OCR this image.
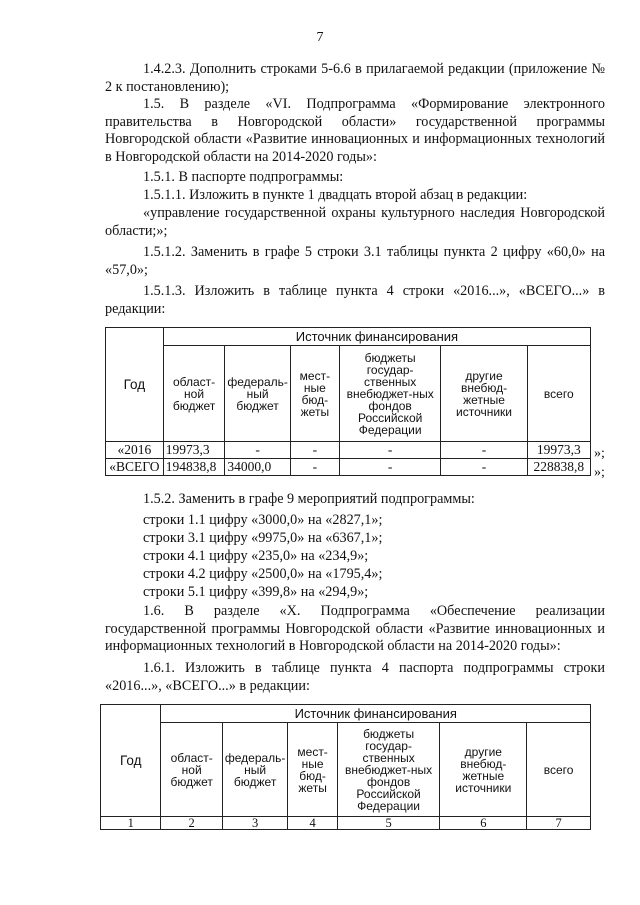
7

1.4.2.3. Дополнить строками 5-6.6 в прилагаемой редакции (приложение № 2 к постановлению);

1.5. В разделе «VI. Подпрограмма «Формирование электронного правительства в Новгородской области» государственной программы Новгородской области «Развитие инновационных и информационных технологий в Новгородской области на 2014-2020 годы»:

1.5.1. В паспорте подпрограммы:

1.5.1.1. Изложить в пункте 1 двадцать второй абзац в редакции:

«управление государственной охраны культурного наследия Новгородской области;»;

1.5.1.2. Заменить в графе 5 строки 3.1 таблицы пункта 2 цифру «60,0» на «57,0»;

1.5.1.3. Изложить в таблице пункта 4 строки «2016...», «ВСЕГО...» в редакции:

Год	Источник финансирования					
	област-ной бюджет	федераль-ный бюджет	мест-ные бюд-жеты	бюджеты государ-ственных внебюджет-ных фондов Российской Федерации	другие внебюд-жетные источники	всего
«2016	19973,3	-	-	-	-	19973,3
«ВСЕГО	194838,8	34000,0	-	-	-	228838,8
»;
»;
1.5.2. Заменить в графе 9 мероприятий подпрограммы:
строки 1.1 цифру «3000,0» на «2827,1»;
строки 3.1 цифру «9975,0» на «6367,1»;
строки 4.1 цифру «235,0» на «234,9»;
строки 4.2 цифру «2500,0» на «1795,4»;
строки 5.1 цифру «399,8» на «294,9»;

1.6. В разделе «X. Подпрограмма «Обеспечение реализации государственной программы Новгородской области «Развитие инновационных и информационных технологий в Новгородской области на 2014-2020 годы»:

1.6.1. Изложить в таблице пункта 4 паспорта подпрограммы строки «2016...», «ВСЕГО...» в редакции:

Год	Источник финансирования					
	област-ной бюджет	федераль-ный бюджет	мест-ные бюд-жеты	бюджеты государ-ственных внебюджет-ных фондов Российской Федерации	другие внебюд-жетные источники	всего
1	2	3	4	5	6	7
